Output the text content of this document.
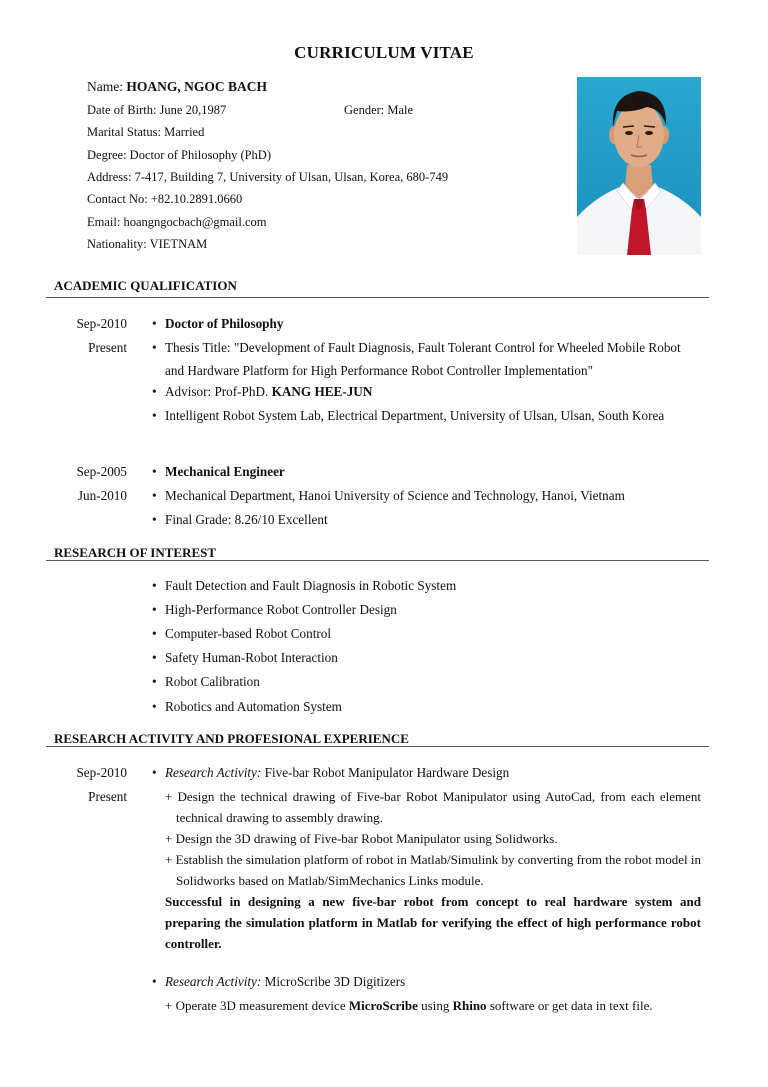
CURRICULUM VITAE
Name: HOANG, NGOC BACH
Date of Birth: June 20,1987	Gender: Male
Marital Status: Married
Degree: Doctor of Philosophy (PhD)
Address: 7-417, Building 7, University of Ulsan, Ulsan, Korea, 680-749
Contact No: +82.10.2891.0660
Email: hoangngocbach@gmail.com
Nationality: VIETNAM
ACADEMIC QUALIFICATION
Sep-2010
Present
• Doctor of Philosophy
• Thesis Title: "Development of Fault Diagnosis, Fault Tolerant Control for Wheeled Mobile Robot and Hardware Platform for High Performance Robot Controller Implementation"
• Advisor: Prof-PhD. KANG HEE-JUN
• Intelligent Robot System Lab, Electrical Department, University of Ulsan, Ulsan, South Korea
Sep-2005
Jun-2010
• Mechanical Engineer
• Mechanical Department, Hanoi University of Science and Technology, Hanoi, Vietnam
• Final Grade: 8.26/10 Excellent
RESEARCH OF INTEREST
• Fault Detection and Fault Diagnosis in Robotic System
• High-Performance Robot Controller Design
• Computer-based Robot Control
• Safety Human-Robot Interaction
• Robot Calibration
• Robotics and Automation System
RESEARCH ACTIVITY AND PROFESIONAL EXPERIENCE
Sep-2010
Present
• Research Activity: Five-bar Robot Manipulator Hardware Design
+ Design the technical drawing of Five-bar Robot Manipulator using AutoCad, from each element technical drawing to assembly drawing.
+ Design the 3D drawing of Five-bar Robot Manipulator using Solidworks.
+ Establish the simulation platform of robot in Matlab/Simulink by converting from the robot model in Solidworks based on Matlab/SimMechanics Links module.
Successful in designing a new five-bar robot from concept to real hardware system and preparing the simulation platform in Matlab for verifying the effect of high performance robot controller.
• Research Activity: MicroScribe 3D Digitizers
+ Operate 3D measurement device MicroScribe using Rhino software or get data in text file.
